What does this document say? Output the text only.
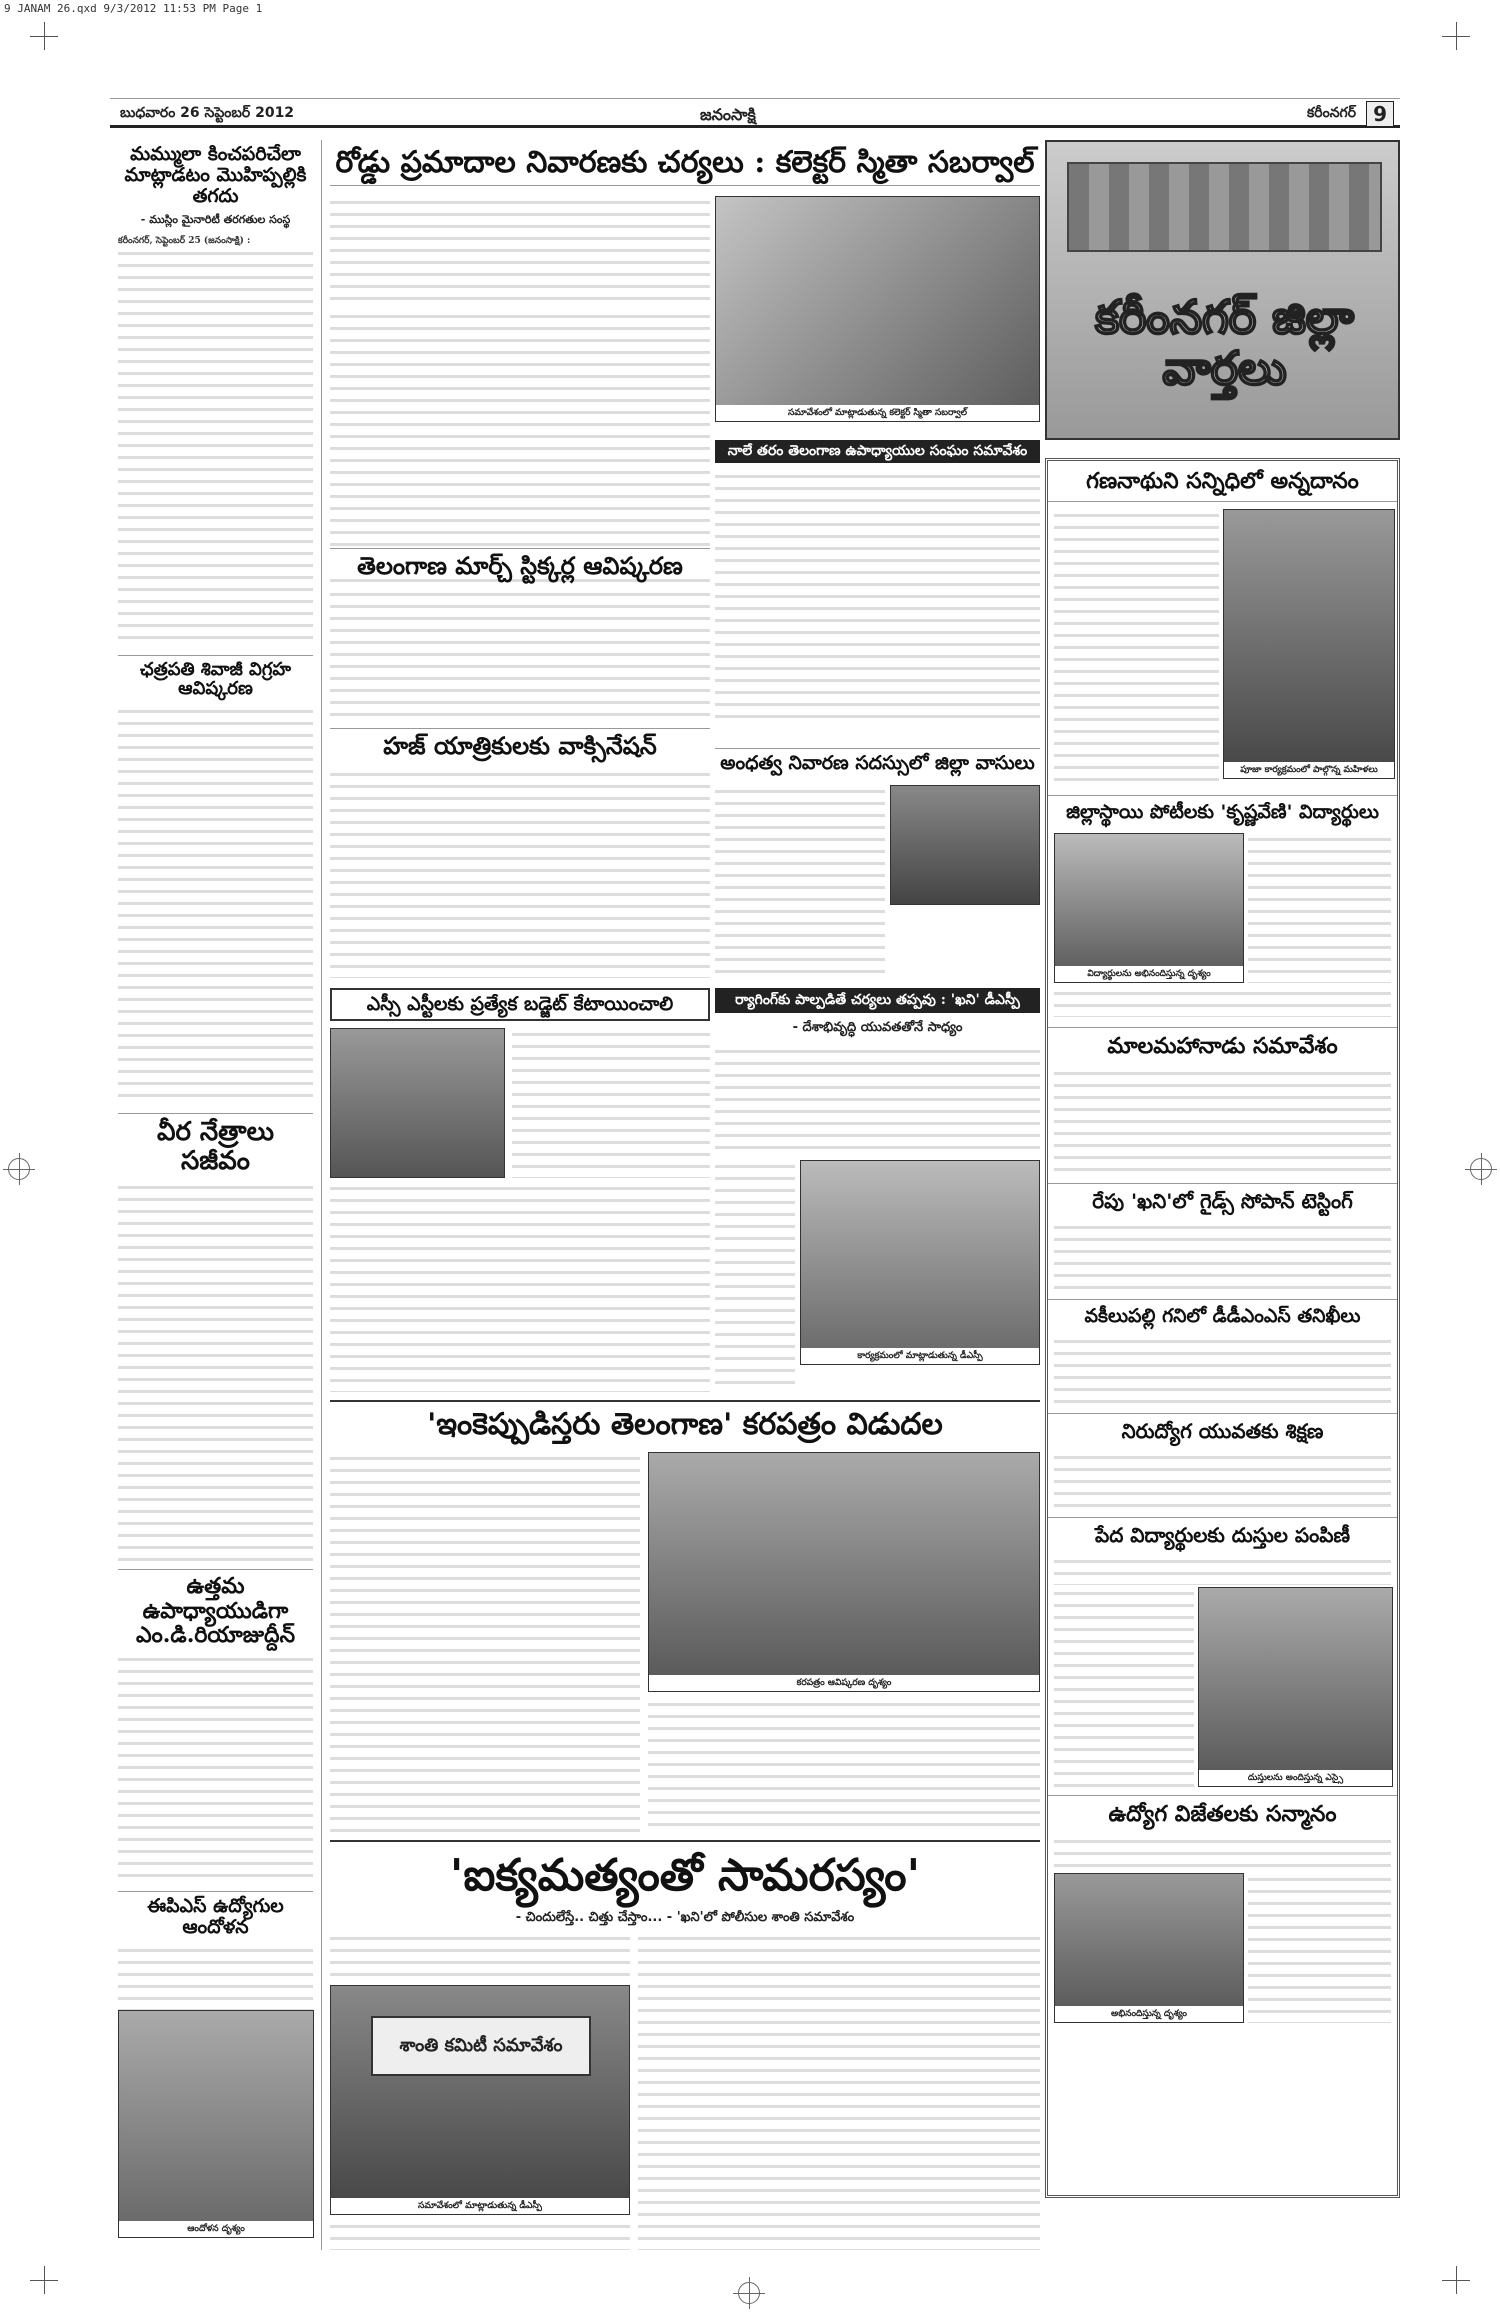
9 JANAM 26.qxd 9/3/2012 11:53 PM Page 1
బుధవారం 26 సెప్టెంబర్ 2012	జనంసాక్షి	కరీంనగర్ 9
మమ్ములా కించపరిచేలా మాట్లాడటం మొహిప్పల్లికి తగదు
- ముస్లిం మైనారిటీ తరగతుల సంస్థ
కరీంనగర్, సెప్టెంబర్ 25 (జనంసాక్షి) :
ఛత్రపతి శివాజీ విగ్రహ ఆవిష్కరణ
వీర నేత్రాలు సజీవం
ఉత్తమ ఉపాధ్యాయుడిగా ఎం.డి.రియాజుద్దీన్
ఈపిఎస్ ఉద్యోగుల ఆందోళన
ఆందోళన దృశ్యం
రోడ్డు ప్రమాదాల నివారణకు చర్యలు : కలెక్టర్ స్మితా సబర్వాల్
సమావేశంలో మాట్లాడుతున్న కలెక్టర్ స్మితా సబర్వాల్
తెలంగాణ మార్చ్ స్టిక్కర్ల ఆవిష్కరణ
హజ్ యాత్రికులకు వాక్సినేషన్
నాలే తరం తెలంగాణ ఉపాధ్యాయుల సంఘం సమావేశం
అంధత్వ నివారణ సదస్సులో జిల్లా వాసులు
ఎస్సీ ఎస్టీలకు ప్రత్యేక బడ్జెట్ కేటాయించాలి	ర్యాగింగ్‌కు పాల్పడితే చర్యలు తప్పవు : 'ఖని' డీఎస్పీ
- దేశాభివృద్ధి యువతతోనే సాధ్యం
కార్యక్రమంలో మాట్లాడుతున్న డీఎస్పీ
'ఇంకెప్పుడిస్తరు తెలంగాణ' కరపత్రం విడుదల
కరపత్రం ఆవిష్కరణ దృశ్యం
'ఐక్యమత్యంతో సామరస్యం'
- చిందులేస్తే.. చిత్తు చేస్తాం... - 'ఖని'లో పోలీసుల శాంతి సమావేశం
శాంతి కమిటీ సమావేశం
సమావేశంలో మాట్లాడుతున్న డీఎస్పీ
కరీంనగర్ జిల్లా వార్తలు
గణనాథుని సన్నిధిలో అన్నదానం
పూజా కార్యక్రమంలో పాల్గొన్న మహిళలు
జిల్లాస్థాయి పోటీలకు 'కృష్ణవేణి' విద్యార్థులు
విద్యార్థులను అభినందిస్తున్న దృశ్యం
మాలమహానాడు సమావేశం
రేపు 'ఖని'లో గైడ్స్ సోపాన్ టెస్టింగ్
వకీలుపల్లి గనిలో డీడీఎంఎస్ తనిఖీలు
నిరుద్యోగ యువతకు శిక్షణ
పేద విద్యార్థులకు దుస్తుల పంపిణీ
దుస్తులను అందిస్తున్న ఎస్సై
ఉద్యోగ విజేతలకు సన్మానం
అభినందిస్తున్న దృశ్యం
